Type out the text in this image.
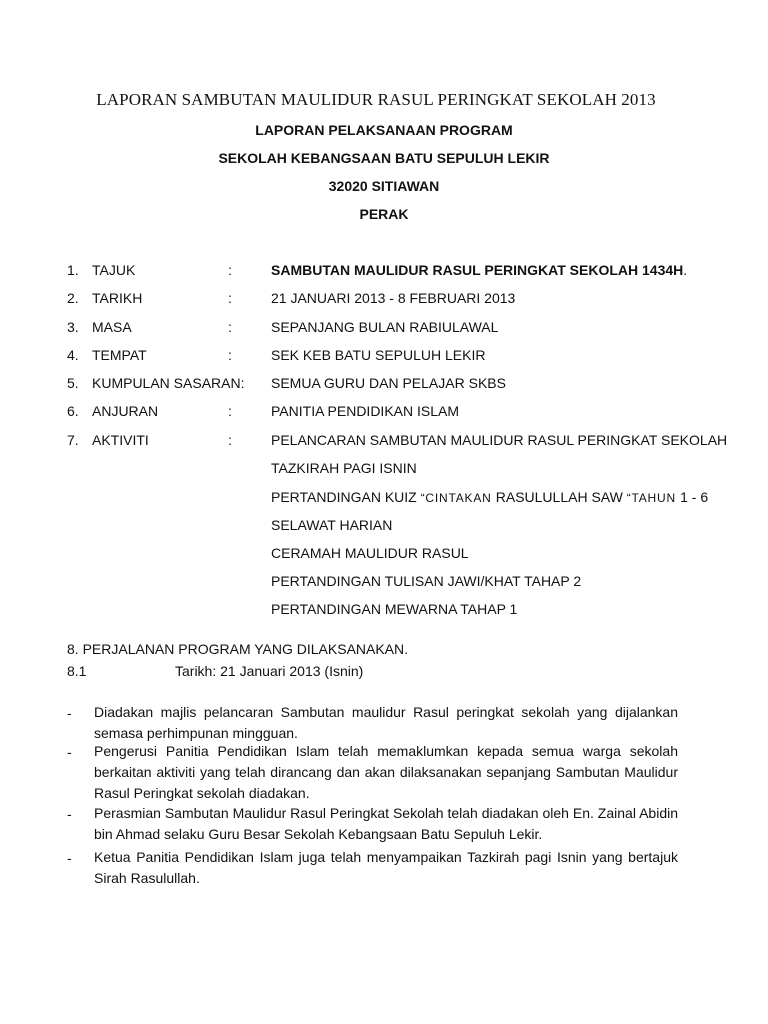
LAPORAN SAMBUTAN MAULIDUR RASUL PERINGKAT SEKOLAH 2013
LAPORAN PELAKSANAAN PROGRAM
SEKOLAH KEBANGSAAN BATU SEPULUH LEKIR
32020 SITIAWAN
PERAK
1. TAJUK	:	SAMBUTAN MAULIDUR RASUL PERINGKAT SEKOLAH 1434H.
2. TARIKH	:	21 JANUARI 2013 - 8 FEBRUARI 2013
3. MASA	:	SEPANJANG BULAN RABIULAWAL
4. TEMPAT	:	SEK KEB BATU SEPULUH LEKIR
5. KUMPULAN SASARAN: SEMUA GURU DAN PELAJAR SKBS
6. ANJURAN	:	PANITIA PENDIDIKAN ISLAM
7. AKTIVITI	:	PELANCARAN SAMBUTAN MAULIDUR RASUL PERINGKAT SEKOLAH
TAZKIRAH PAGI ISNIN
PERTANDINGAN KUIZ “CINTAKAN RASULULLAH SAW “TAHUN 1 - 6
SELAWAT HARIAN
CERAMAH MAULIDUR RASUL
PERTANDINGAN TULISAN JAWI/KHAT TAHAP 2
PERTANDINGAN MEWARNA TAHAP 1
8. PERJALANAN PROGRAM YANG DILAKSANAKAN.
8.1	Tarikh: 21 Januari 2013 (Isnin)
- Diadakan majlis pelancaran Sambutan maulidur Rasul peringkat sekolah yang dijalankan semasa perhimpunan mingguan.
- Pengerusi Panitia Pendidikan Islam telah memaklumkan kepada semua warga sekolah berkaitan aktiviti yang telah dirancang dan akan dilaksanakan sepanjang Sambutan Maulidur Rasul Peringkat sekolah diadakan.
- Perasmian Sambutan Maulidur Rasul Peringkat Sekolah telah diadakan oleh En. Zainal Abidin bin Ahmad selaku Guru Besar Sekolah Kebangsaan Batu Sepuluh Lekir.
- Ketua Panitia Pendidikan Islam juga telah menyampaikan Tazkirah pagi Isnin yang bertajuk Sirah Rasulullah.
